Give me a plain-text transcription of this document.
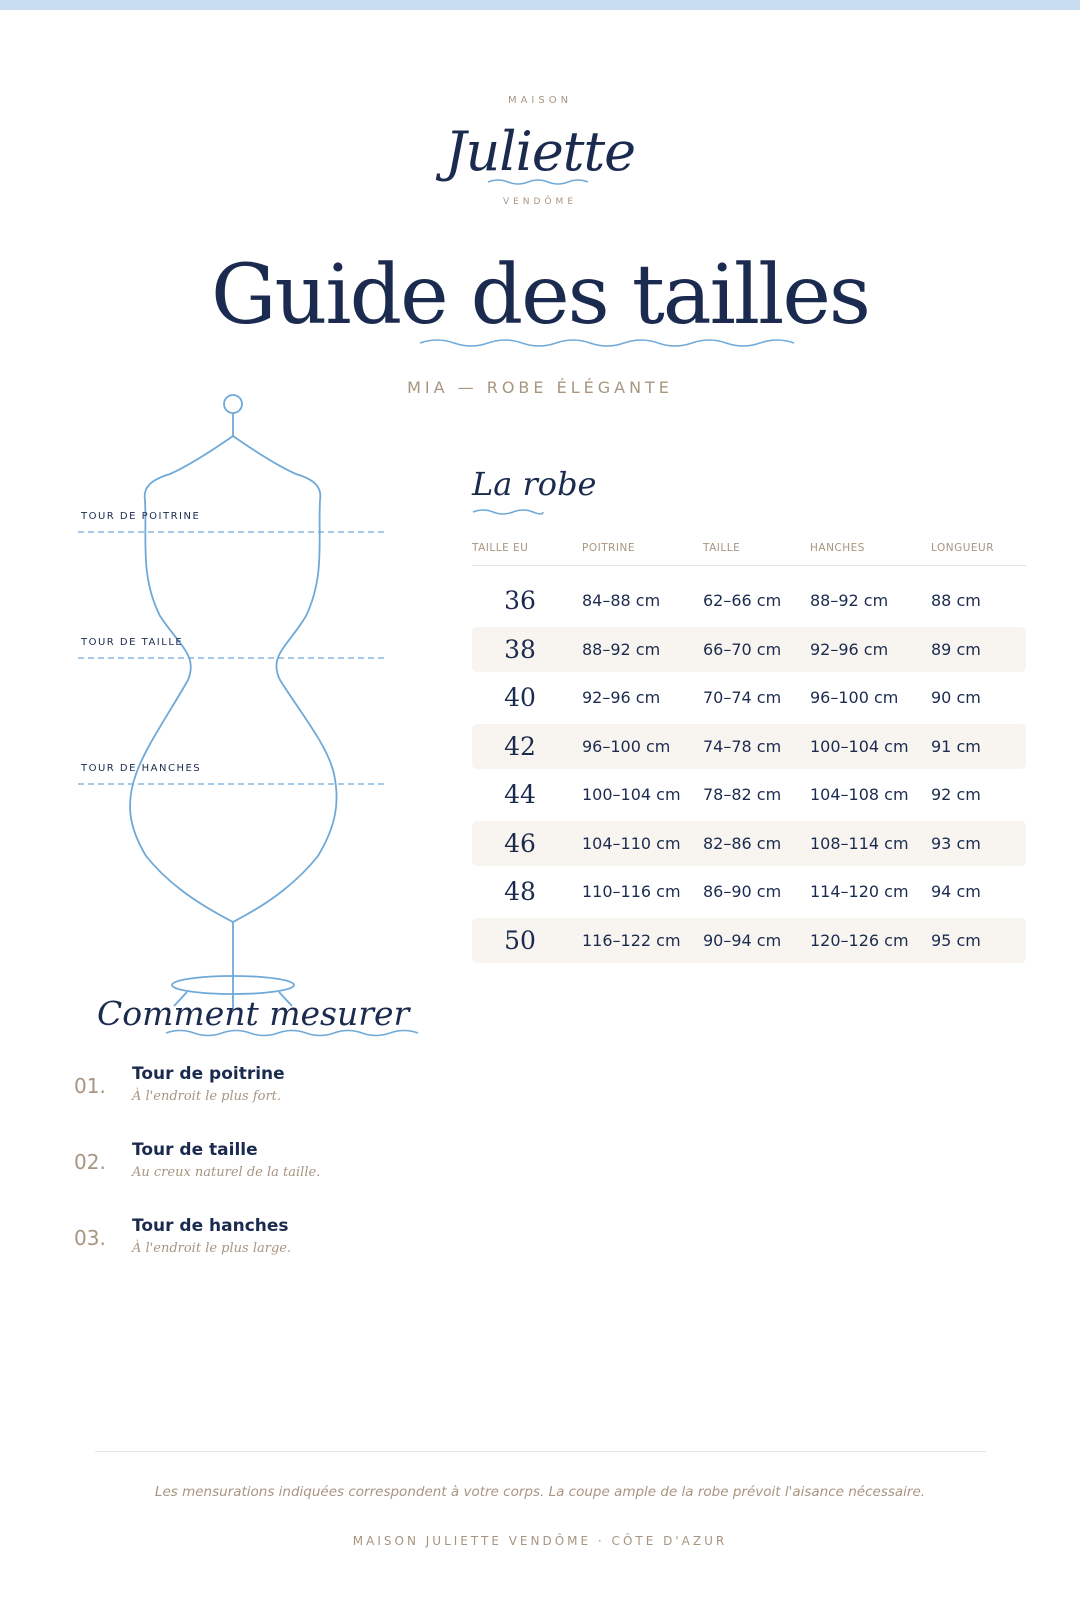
MAISON
Juliette
VENDÔME
Guide des tailles
MIA — ROBE ÉLÉGANTE
TOUR DE POITRINE
TOUR DE TAILLE
TOUR DE HANCHES
La robe
TAILLE EU	POITRINE	TAILLE	HANCHES	LONGUEUR
36	84–88 cm	62–66 cm	88–92 cm	88 cm
38	88–92 cm	66–70 cm	92–96 cm	89 cm
40	92–96 cm	70–74 cm	96–100 cm	90 cm
42	96–100 cm	74–78 cm	100–104 cm	91 cm
44	100–104 cm	78–82 cm	104–108 cm	92 cm
46	104–110 cm	82–86 cm	108–114 cm	93 cm
48	110–116 cm	86–90 cm	114–120 cm	94 cm
50	116–122 cm	90–94 cm	120–126 cm	95 cm
Comment mesurer
01. Tour de poitrine
À l'endroit le plus fort.
02. Tour de taille
Au creux naturel de la taille.
03. Tour de hanches
À l'endroit le plus large.
Les mensurations indiquées correspondent à votre corps. La coupe ample de la robe prévoit l'aisance nécessaire.
MAISON JULIETTE VENDÔME · CÔTE D'AZUR
